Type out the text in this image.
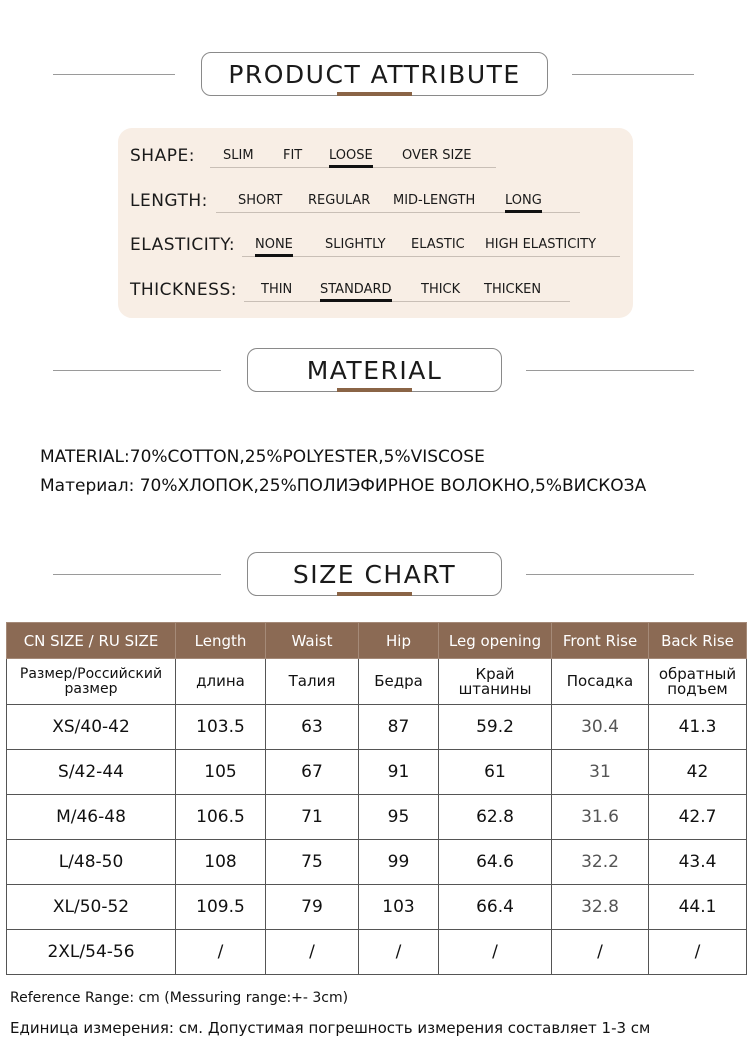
PRODUCT ATTRIBUTE
SHAPE: SLIM FIT LOOSE OVER SIZE
LENGTH: SHORT REGULAR MID-LENGTH LONG
ELASTICITY: NONE SLIGHTLY ELASTIC HIGH ELASTICITY
THICKNESS: THIN STANDARD THICK THICKEN
MATERIAL
MATERIAL:70%COTTON,25%POLYESTER,5%VISCOSE
Материал: 70%ХЛОПОК,25%ПОЛИЭФИРНОЕ ВОЛОКНО,5%ВИСКОЗА
SIZE CHART
CN SIZE / RU SIZE	Length	Waist	Hip	Leg opening	Front Rise	Back Rise
Размер/Российский размер	длина	Талия	Бедра	Край штанины	Посадка	обратный подъем
XS/40-42	103.5	63	87	59.2	30.4	41.3
S/42-44	105	67	91	61	31	42
M/46-48	106.5	71	95	62.8	31.6	42.7
L/48-50	108	75	99	64.6	32.2	43.4
XL/50-52	109.5	79	103	66.4	32.8	44.1
2XL/54-56	/	/	/	/	/	/
Reference Range: cm (Messuring range:+- 3cm)
Единица измерения: см. Допустимая погрешность измерения составляет 1-3 см
